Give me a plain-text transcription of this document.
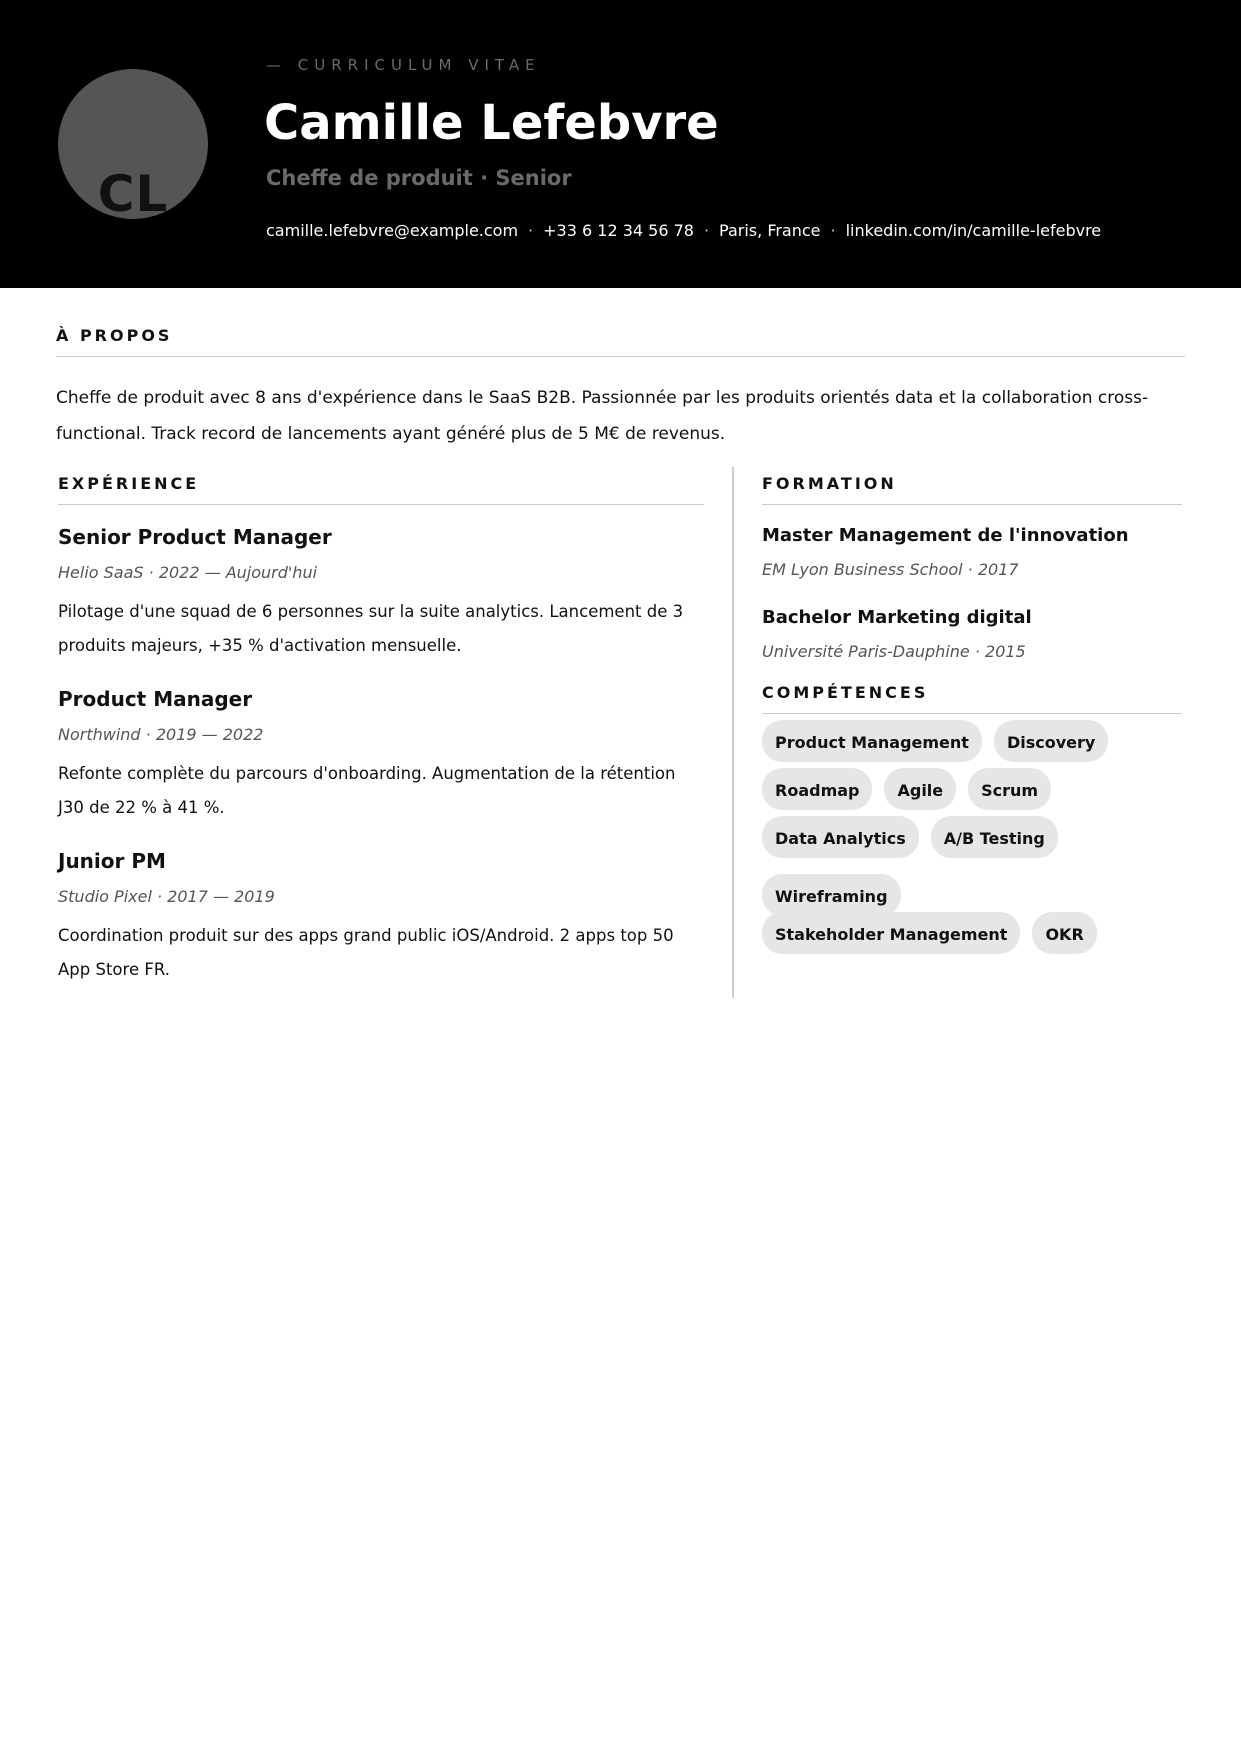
CL
— CURRICULUM VITAE
Camille Lefebvre
Cheffe de produit · Senior
camille.lefebvre@example.com · +33 6 12 34 56 78 · Paris, France · linkedin.com/in/camille-lefebvre
À PROPOS

Cheffe de produit avec 8 ans d'expérience dans le SaaS B2B. Passionnée par les produits orientés data et la collaboration cross-functional. Track record de lancements ayant généré plus de 5 M€ de revenus.

EXPÉRIENCE
Senior Product Manager
Helio SaaS · 2022 — Aujourd'hui
Pilotage d'une squad de 6 personnes sur la suite analytics. Lancement de 3 produits majeurs, +35 % d'activation mensuelle.
Product Manager
Northwind · 2019 — 2022
Refonte complète du parcours d'onboarding. Augmentation de la rétention J30 de 22 % à 41 %.
Junior PM
Studio Pixel · 2017 — 2019
Coordination produit sur des apps grand public iOS/Android. 2 apps top 50 App Store FR.
FORMATION
Master Management de l'innovation
EM Lyon Business School · 2017
Bachelor Marketing digital
Université Paris-Dauphine · 2015
COMPÉTENCES
Product Management	Discovery
Roadmap	Agile	Scrum
Data Analytics	A/B Testing
Wireframing
Stakeholder Management	OKR
